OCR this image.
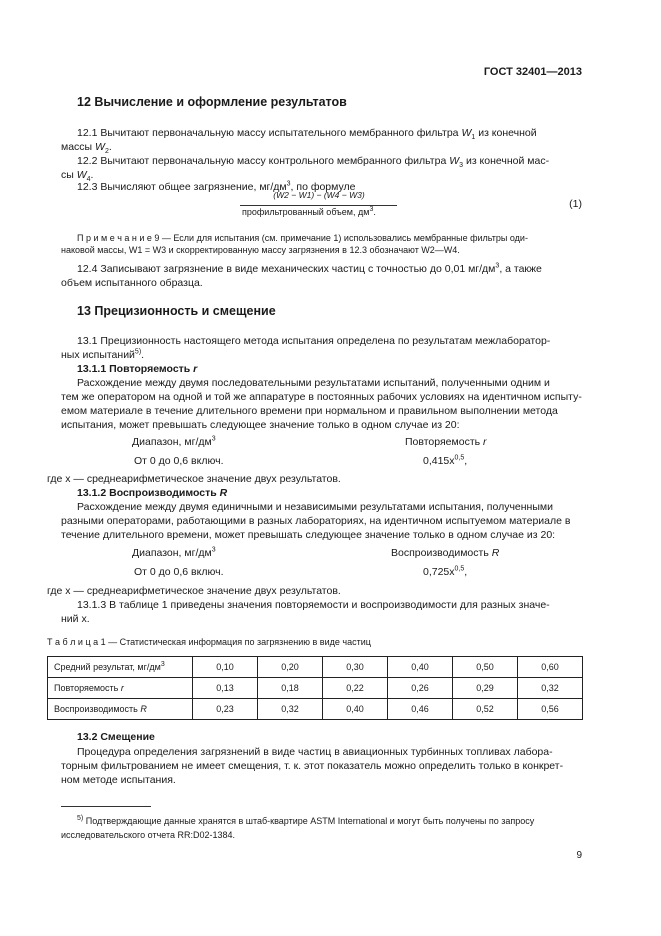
ГОСТ 32401—2013
12 Вычисление и оформление результатов
12.1 Вычитают первоначальную массу испытательного мембранного фильтра $W_1$ из конечной
массы $W_2$.
12.2 Вычитают первоначальную массу контрольного мембранного фильтра $W_3$ из конечной мас-
сы $W_4$.
12.3 Вычисляют общее загрязнение, $мг/дм^3$, по формуле
(W2 − W1) − (W4 − W3)
профильтрованный объем, $дм^3$.
(1)
П р и м е ч а н и е 9 — Если для испытания (см. примечание 1) использовались мембранные фильтры оди-
наковой массы, W1 = W3 и скорректированную массу загрязнения в 12.3 обозначают W2—W4.
12.4 Записывают загрязнение в виде механических частиц с точностью до 0,01 $мг/дм^3$, а также
объем испытанного образца.
13 Прецизионность и смещение
13.1 Прецизионность настоящего метода испытания определена по результатам межлаборатор-
ных испытаний$^{5)}$.
13.1.1 Повторяемость r
Расхождение между двумя последовательными результатами испытаний, полученными одним и
тем же оператором на одной и той же аппаратуре в постоянных рабочих условиях на идентичном испыту-
емом материале в течение длительного времени при нормальном и правильном выполнении метода
испытания, может превышать следующее значение только в одном случае из 20:
Диапазон, $мг/дм^3$	Повторяемость r
От 0 до 0,6 включ.	$0,415x^{0,5}$,
где x — среднеарифметическое значение двух результатов.
13.1.2 Воспроизводимость R
Расхождение между двумя единичными и независимыми результатами испытания, полученными
разными операторами, работающими в разных лабораториях, на идентичном испытуемом материале в
течение длительного времени, может превышать следующее значение только в одном случае из 20:
Диапазон, $мг/дм^3$	Воспроизводимость R
От 0 до 0,6 включ.	$0,725x^{0,5}$,
где x — среднеарифметическое значение двух результатов.
13.1.3 В таблице 1 приведены значения повторяемости и воспроизводимости для разных значе-
ний x.
Т а б л и ц а 1 — Статистическая информация по загрязнению в виде частиц
Средний результат, $мг/дм^3$	0,10	0,20	0,30	0,40	0,50	0,60
Повторяемость r	0,13	0,18	0,22	0,26	0,29	0,32
Воспроизводимость R	0,23	0,32	0,40	0,46	0,52	0,56
13.2 Смещение
Процедура определения загрязнений в виде частиц в авиационных турбинных топливах лабора-
торным фильтрованием не имеет смещения, т. к. этот показатель можно определить только в конкрет-
ном методе испытания.
$^{5)}$ Подтверждающие данные хранятся в штаб-квартире ASTM International и могут быть получены по запросу
исследовательского отчета RR:D02-1384.
9
